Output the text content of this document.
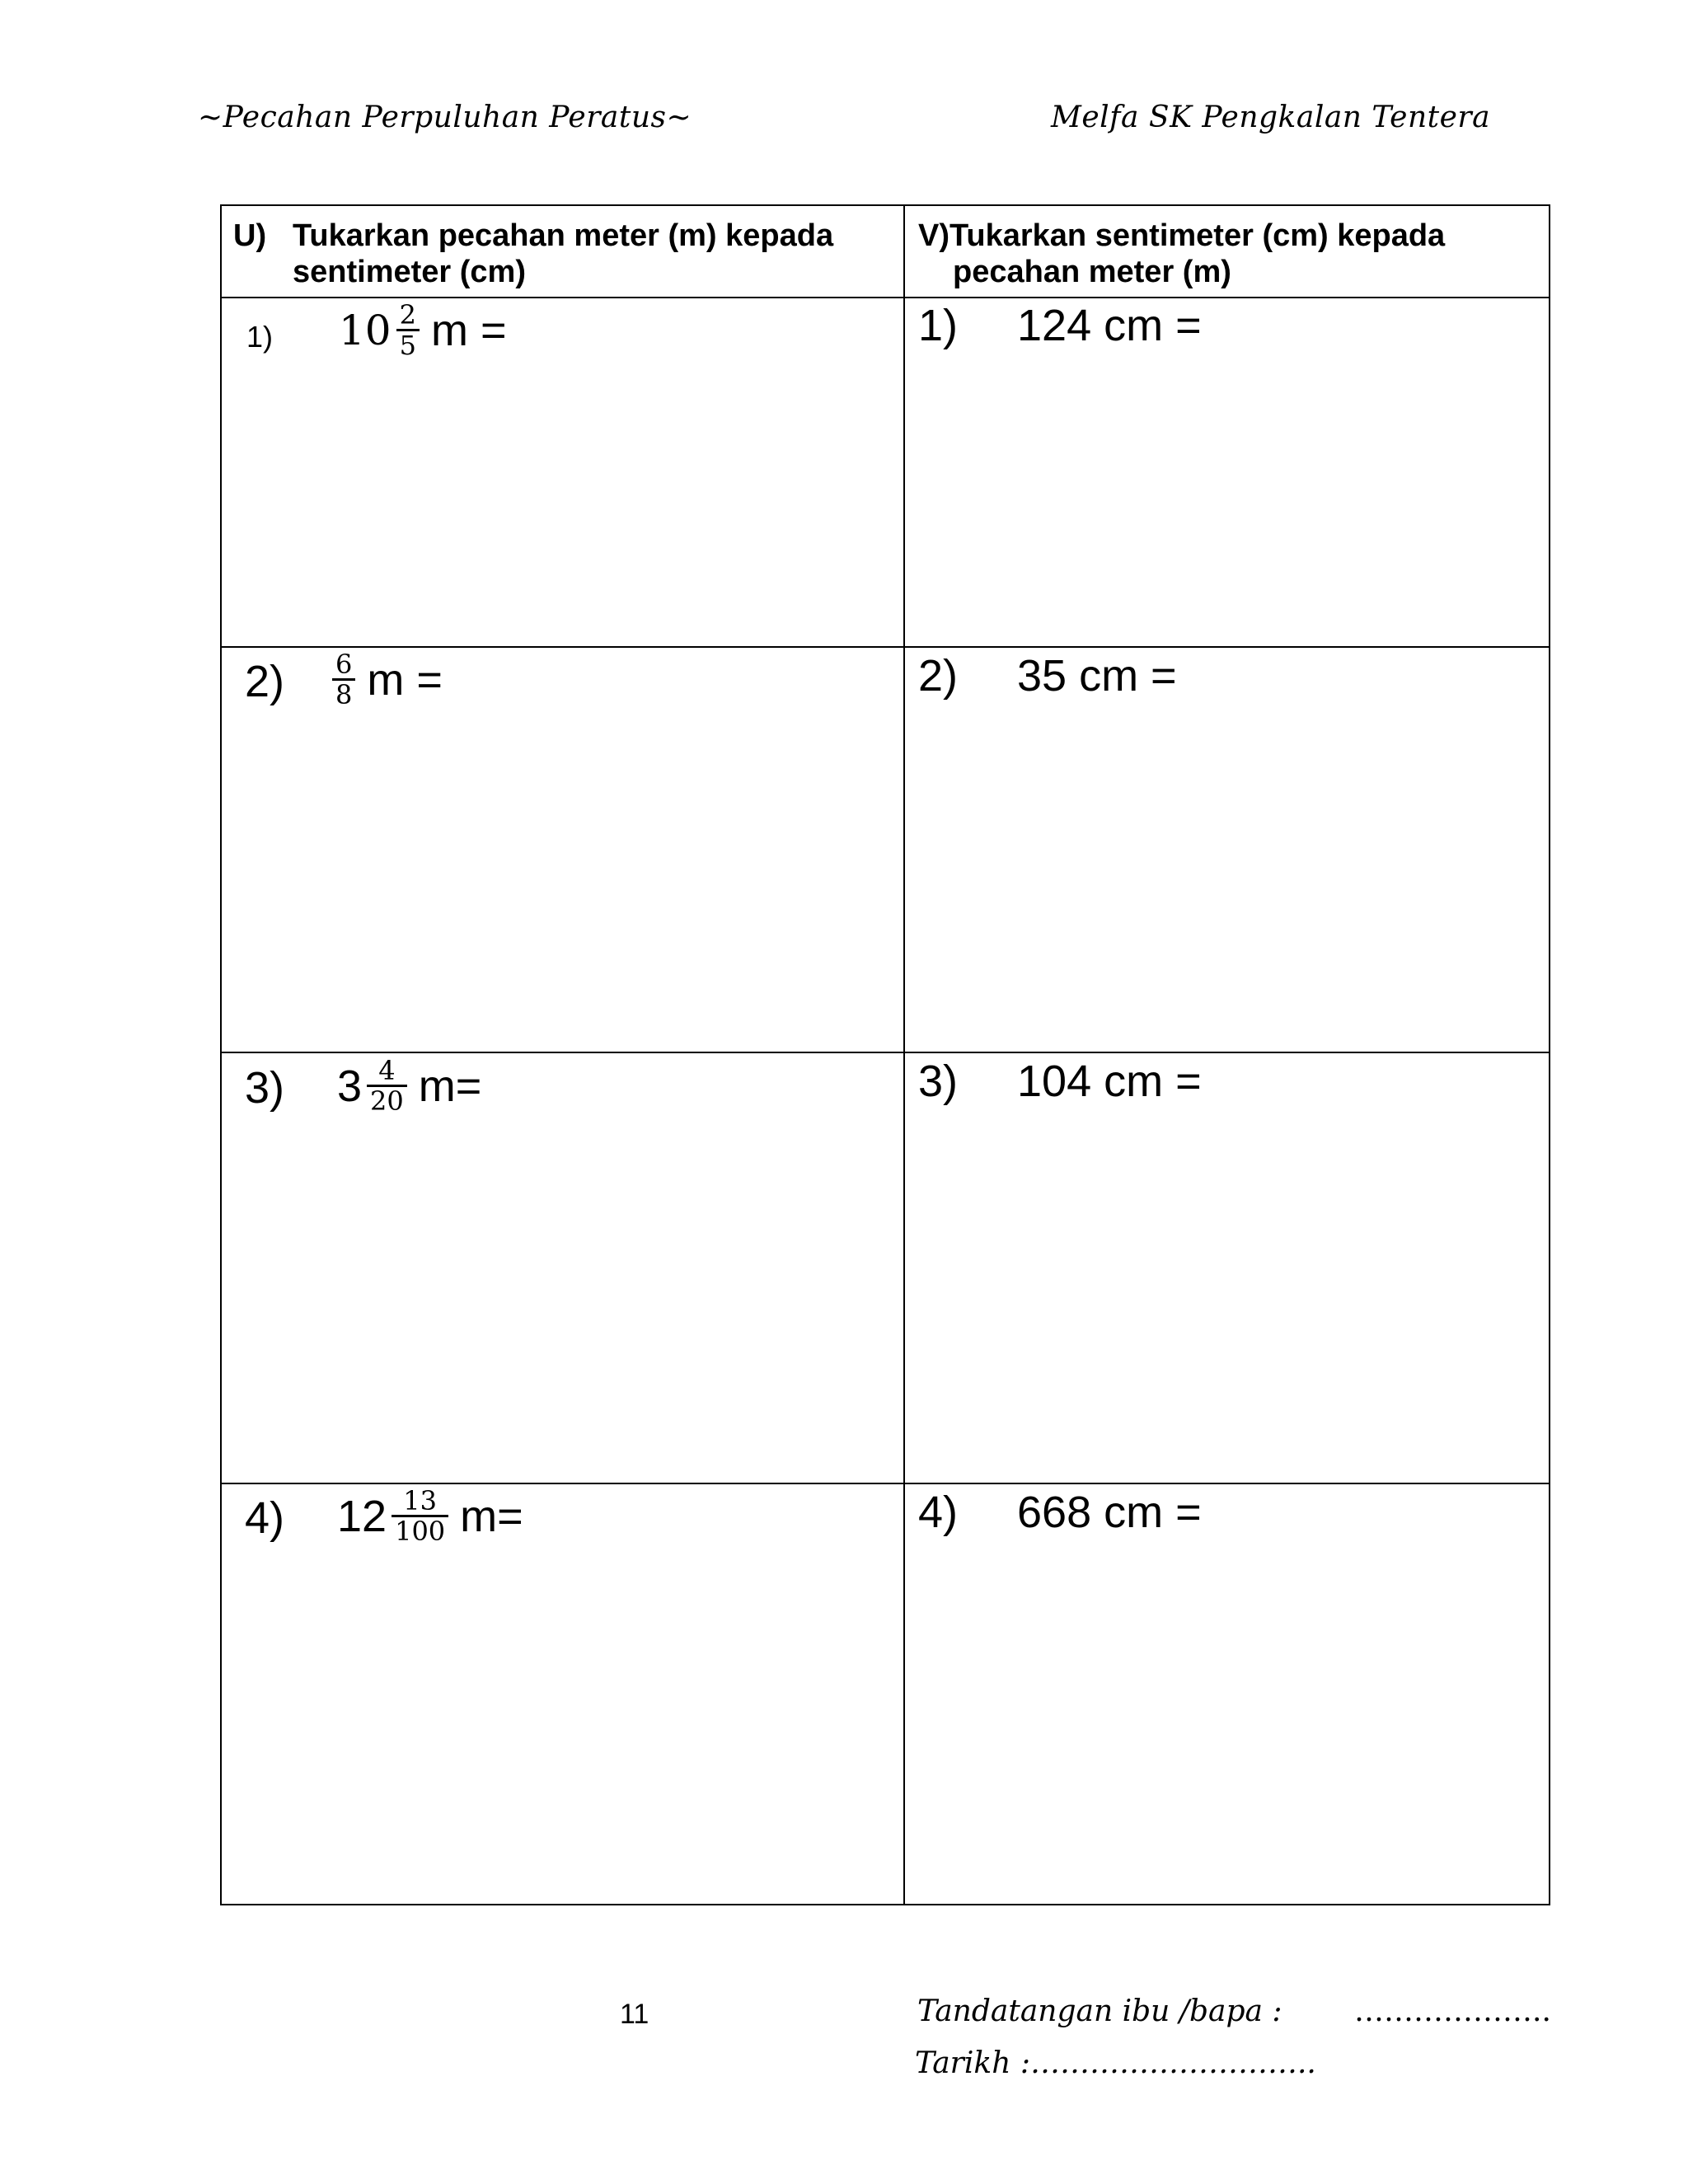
~Pecahan Perpuluhan Peratus~	Melfa SK Pengkalan Tentera
U) Tukarkan pecahan meter (m) kepada sentimeter (cm)
V)Tukarkan sentimeter (cm) kepada
pecahan meter (m)
1) $10 \frac{2}{5}$ m =
$2) \frac{6}{8}$ m =
3) $3 \frac{4}{20} m=$
4) $12 \frac{13}{100} m=$
1) 124 cm =
2) 35 cm =
3) 104 cm =
4) 668 cm =
11	Tandatangan ibu /bapa : ………………..
Tarikh :………………………..
